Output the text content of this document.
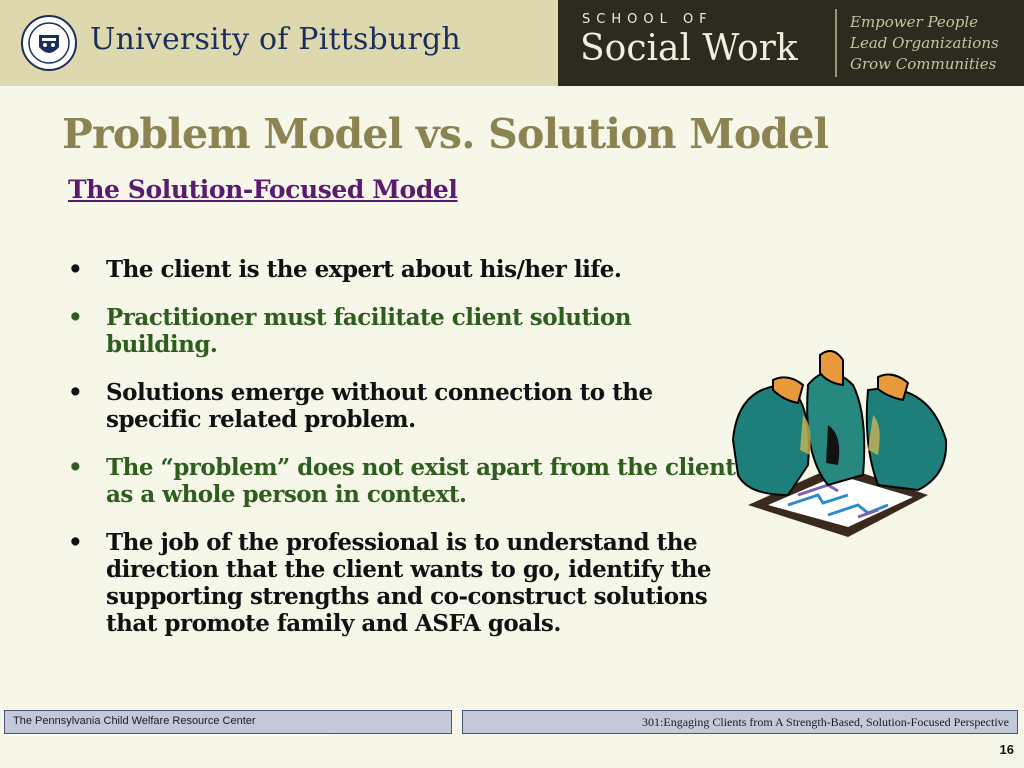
University of Pittsburgh
SCHOOL OF
Social Work
Empower People
Lead Organizations
Grow Communities
Problem Model vs. Solution Model
The Solution-Focused Model
• The client is the expert about his/her life.
• Practitioner must facilitate client solution building.
• Solutions emerge without connection to the specific related problem.
• The “problem” does not exist apart from the client as a whole person in context.
• The job of the professional is to understand the direction that the client wants to go, identify the supporting strengths and co-construct solutions that promote family and ASFA goals.
The Pennsylvania Child Welfare Resource Center	301:Engaging Clients from A Strength-Based, Solution-Focused Perspective
16
